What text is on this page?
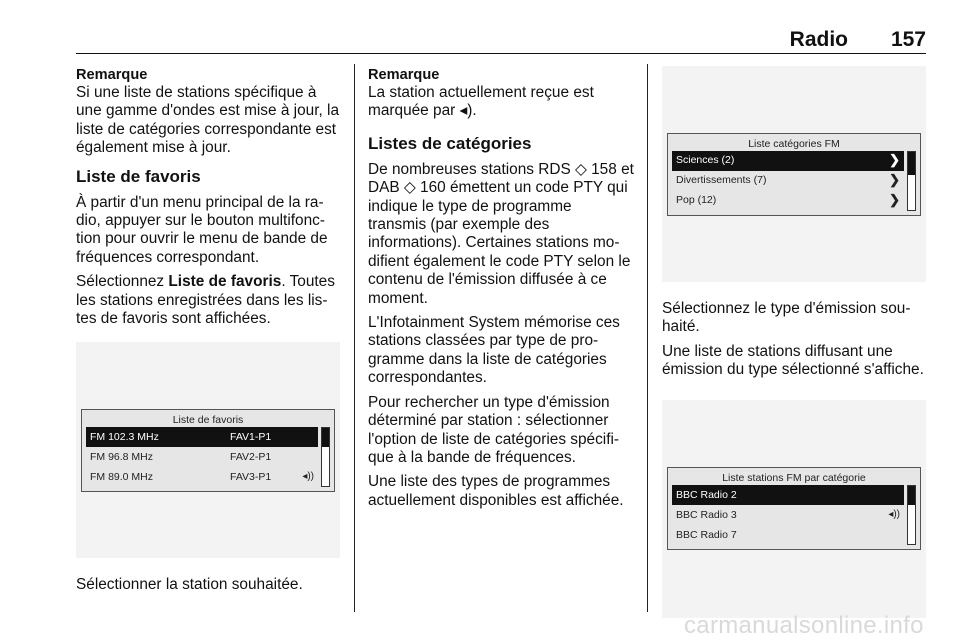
Radio 157
Remarque
Si une liste de stations spécifique à une gamme d'ondes est mise à jour, la liste de catégories correspondante est également mise à jour.
Liste de favoris
À partir d'un menu principal de la radio, appuyer sur le bouton multifonction pour ouvrir le menu de bande de fréquences correspondant.
Sélectionnez Liste de favoris. Toutes les stations enregistrées dans les listes de favoris sont affichées.
Liste de favoris
FM 102.3 MHz	FAV1-P1
FM 96.8 MHz	FAV2-P1
FM 89.0 MHz	FAV3-P1	◂))
Sélectionner la station souhaitée.
Remarque
La station actuellement reçue est marquée par ◂).
Listes de catégories
De nombreuses stations RDS ◇ 158 et DAB ◇ 160 émettent un code PTY qui indique le type de programme transmis (par exemple des informations). Certaines stations modifient également le code PTY selon le contenu de l'émission diffusée à ce moment.
L'Infotainment System mémorise ces stations classées par type de programme dans la liste de catégories correspondantes.
Pour rechercher un type d'émission déterminé par station : sélectionner l'option de liste de catégories spécifique à la bande de fréquences.
Une liste des types de programmes actuellement disponibles est affichée.
Liste catégories FM
Sciences (2)	❯
Divertissements (7)	❯
Pop (12)	❯
Sélectionnez le type d'émission souhaité.
Une liste de stations diffusant une émission du type sélectionné s'affiche.
Liste stations FM par catégorie
BBC Radio 2
BBC Radio 3	◂))
BBC Radio 7
carmanualsonline.info
